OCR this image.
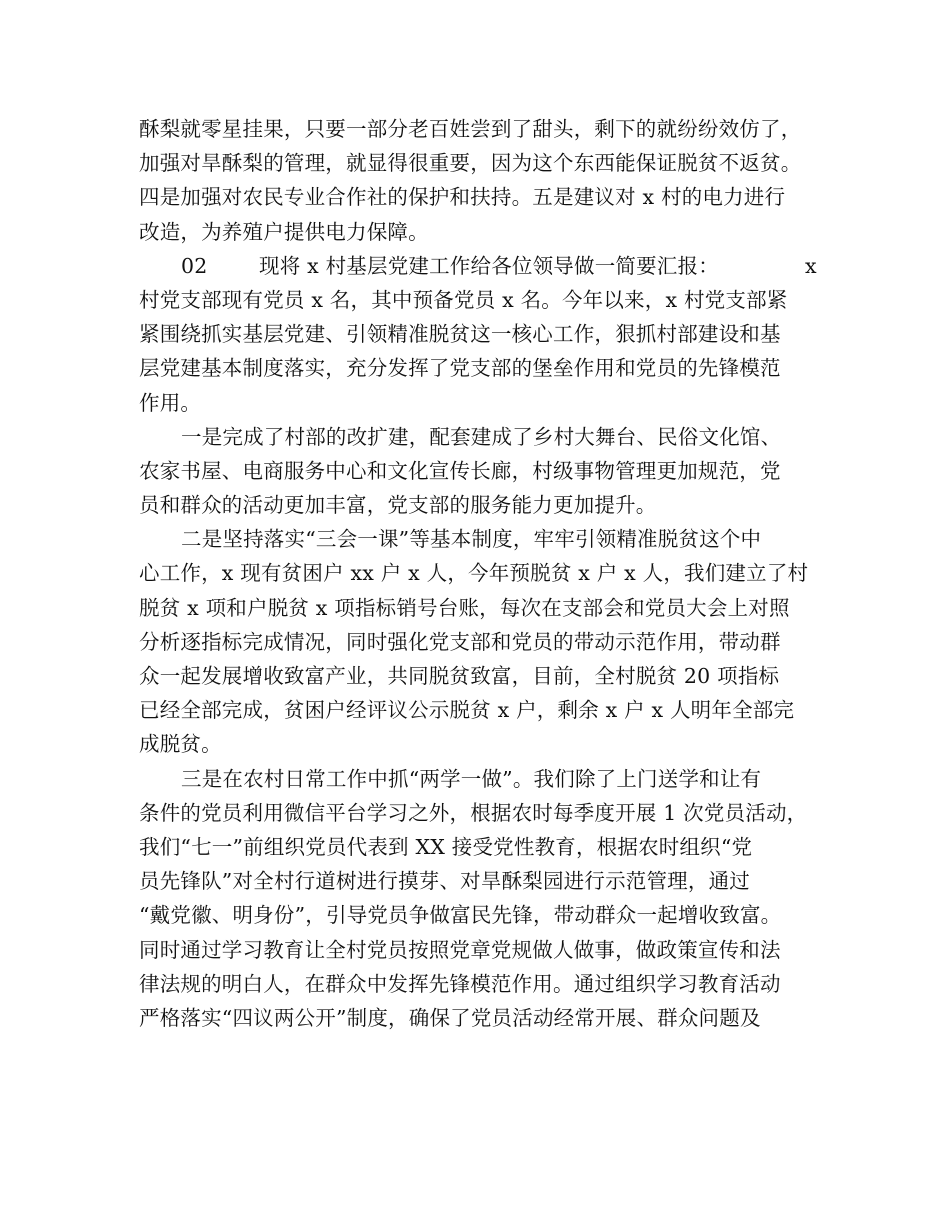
酥梨就零星挂果，只要一部分老百姓尝到了甜头，剩下的就纷纷效仿了，
加强对旱酥梨的管理，就显得很重要，因为这个东西能保证脱贫不返贫。
四是加强对农民专业合作社的保护和扶持。五是建议对 x 村的电力进行
改造，为养殖户提供电力保障。
02	现将 x 村基层党建工作给各位领导做一简要汇报：	x
村党支部现有党员 x 名，其中预备党员 x 名。今年以来，x 村党支部紧
紧围绕抓实基层党建、引领精准脱贫这一核心工作，狠抓村部建设和基
层党建基本制度落实，充分发挥了党支部的堡垒作用和党员的先锋模范
作用。
一是完成了村部的改扩建，配套建成了乡村大舞台、民俗文化馆、
农家书屋、电商服务中心和文化宣传长廊，村级事物管理更加规范，党
员和群众的活动更加丰富，党支部的服务能力更加提升。
二是坚持落实“三会一课”等基本制度，牢牢引领精准脱贫这个中
心工作，x 现有贫困户 xx 户 x 人，今年预脱贫 x 户 x 人，我们建立了村
脱贫 x 项和户脱贫 x 项指标销号台账，每次在支部会和党员大会上对照
分析逐指标完成情况，同时强化党支部和党员的带动示范作用，带动群
众一起发展增收致富产业，共同脱贫致富，目前，全村脱贫 20 项指标
已经全部完成，贫困户经评议公示脱贫 x 户，剩余 x 户 x 人明年全部完
成脱贫。
三是在农村日常工作中抓“两学一做”。我们除了上门送学和让有
条件的党员利用微信平台学习之外，根据农时每季度开展 1 次党员活动，
我们“七一”前组织党员代表到 XX 接受党性教育，根据农时组织“党
员先锋队”对全村行道树进行摸芽、对旱酥梨园进行示范管理，通过
“戴党徽、明身份”，引导党员争做富民先锋，带动群众一起增收致富。
同时通过学习教育让全村党员按照党章党规做人做事，做政策宣传和法
律法规的明白人，在群众中发挥先锋模范作用。通过组织学习教育活动
严格落实“四议两公开”制度，确保了党员活动经常开展、群众问题及
